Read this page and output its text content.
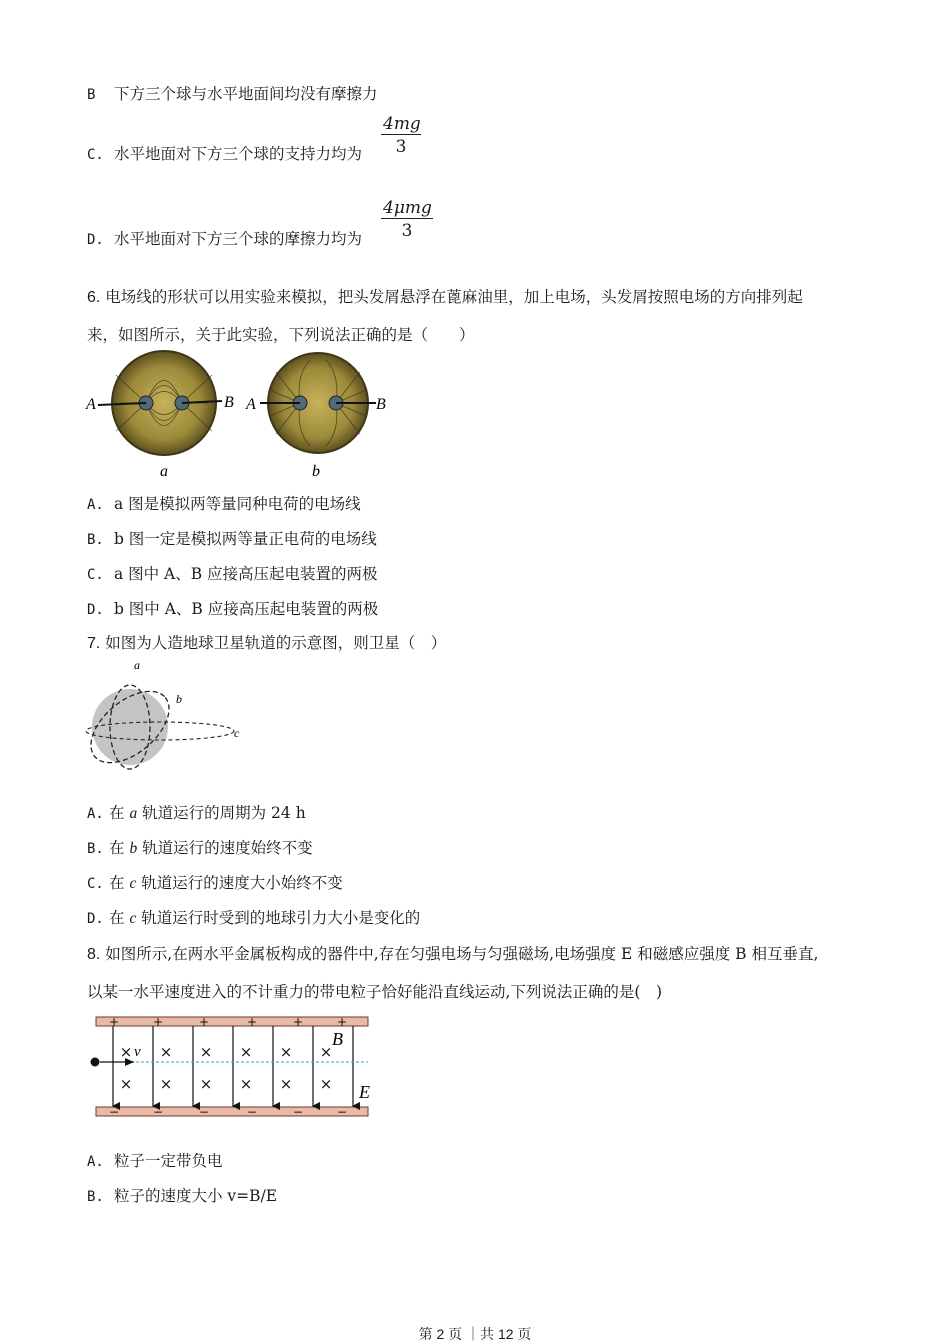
B 下方三个球与水平地面间均没有摩擦力
C. 水平地面对下方三个球的支持力均为 $\frac{4mg}{3}$
D. 水平地面对下方三个球的摩擦力均为
4μmg
3
6. 电场线的形状可以用实验来模拟，把头发屑悬浮在蓖麻油里，加上电场，头发屑按照电场的方向排列起
来，如图所示，关于此实验，下列说法正确的是（　　）
A	B
a
A	B
b
A. a 图是模拟两等量同种电荷的电场线
B. b 图一定是模拟两等量正电荷的电场线
C. a 图中 A、B 应接高压起电装置的两极
D. b 图中 A、B 应接高压起电装置的两极
7. 如图为人造地球卫星轨道的示意图，则卫星（　）
a
b
c
A. 在 a 轨道运行的周期为 24 h
B. 在 b 轨道运行的速度始终不变
C. 在 c 轨道运行的速度大小始终不变
D. 在 c 轨道运行时受到的地球引力大小是变化的
8. 如图所示,在两水平金属板构成的器件中,存在匀强电场与匀强磁场,电场强度 E 和磁感应强度 B 相互垂直,
以某一水平速度进入的不计重力的带电粒子恰好能沿直线运动,下列说法正确的是(　)
+	+	+	+	+	+
−	−	−	−	−	−
× × × × × ×
× × × × × ×
v
B
E
A. 粒子一定带负电
B. 粒子的速度大小 v=B/E
第 2 页 ｜共 12 页
